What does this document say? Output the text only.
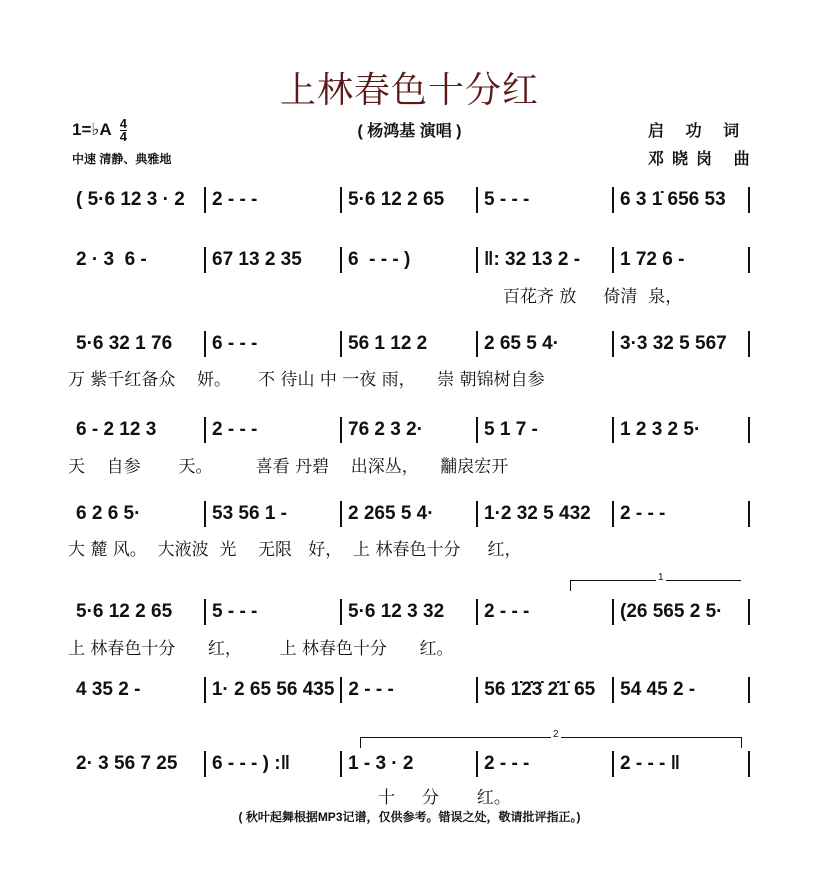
上林春色十分红
1=♭A $\frac{4}{4}$
中速 清静、典雅地
( 杨鸿基 演唱 )	启 功 词
邓晓岗 曲
( 5·6 12 3 · 2	2 - - -	5·6 12 2 65	5 - - -	6 3 1̇ 656 53
2 · 3  6 -	67 13 2 35	6  - - - )	‖: 32 13 2 -	1 72 6 -
百花齐 放     倚清  泉，
5·6 32 1 76	6 - - -	56 1 12 2	2 65 5 4·	3·3 32 5 567
万 紫千红备众    妍。     不 待山 中 一夜 雨，    崇 朝锦树自参
6 - 2 12 3	2 - - -	76 2 3 2·	5 1 7 -	1 2 3 2 5·
天    自参       天。        喜看 丹碧    出深丛，    黼扆宏开
6 2 6 5·	53 56 1 -	2 265 5 4·	1·2 32 5 432	2 - - -
大 麓 风。  大液波  光    无限   好，  上 林春色十分     红，
5·6 12 2 65	5 - - -	5·6 12 3 32	2 - - -	(26 565 2 5·
上 林春色十分      红，       上 林春色十分      红。
4 35 2 -	1· 2 65 56 435 2 - - -	56 1̇2̇3̇ 2̇1̇ 65	54 45 2 -
2· 3 56 7 25	6 - - - ) :‖	1 - 3 · 2	2 - - -	2 - - - ‖
十     分       红。
1
2
( 秋叶起舞根据MP3记谱，仅供参考。错误之处，敬请批评指正。)
